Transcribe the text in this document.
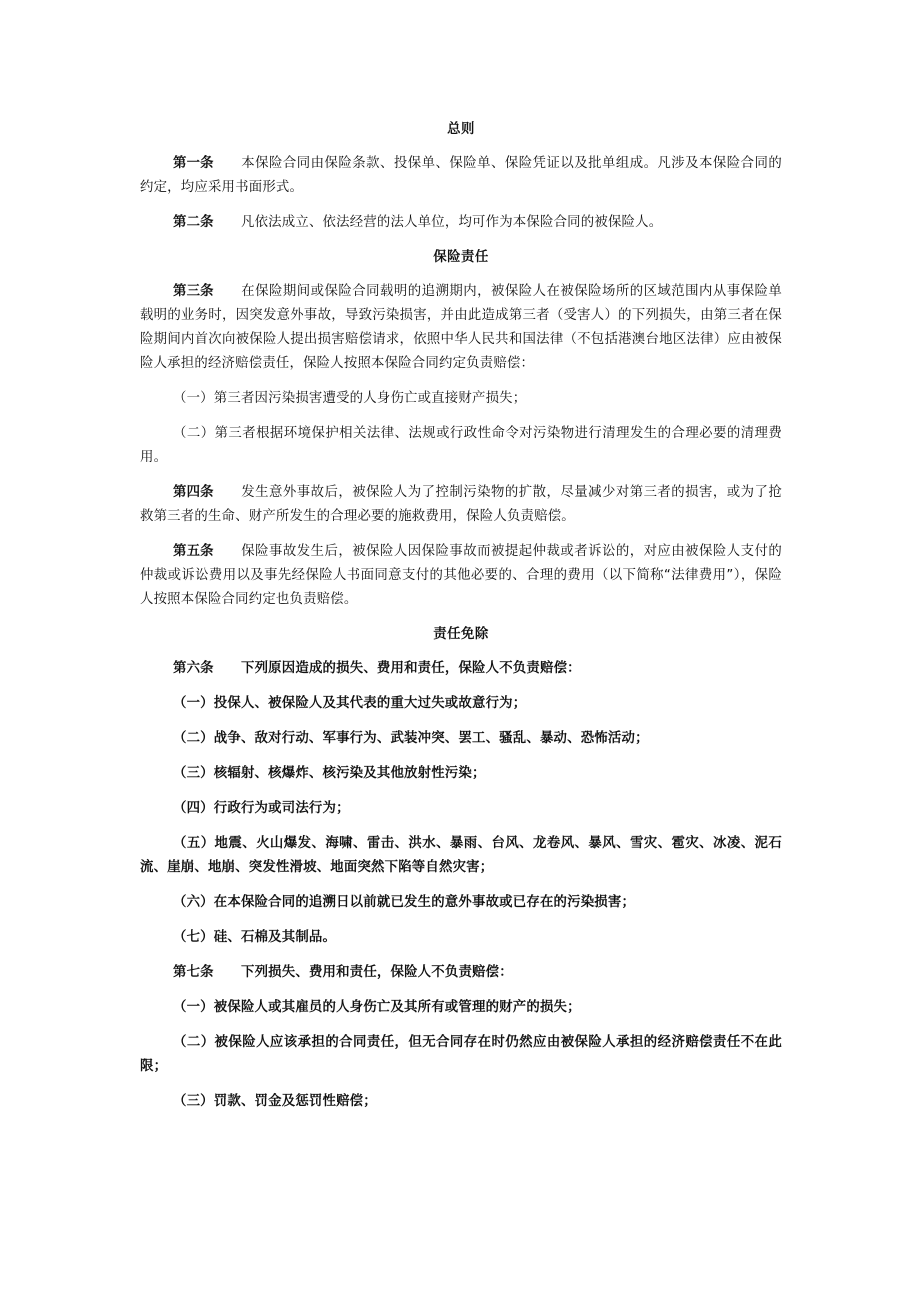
总则

第一条 本保险合同由保险条款、投保单、保险单、保险凭证以及批单组成。凡涉及本保险合同的约定，均应采用书面形式。

第二条 凡依法成立、依法经营的法人单位，均可作为本保险合同的被保险人。

保险责任

第三条 在保险期间或保险合同载明的追溯期内，被保险人在被保险场所的区域范围内从事保险单载明的业务时，因突发意外事故，导致污染损害，并由此造成第三者（受害人）的下列损失，由第三者在保险期间内首次向被保险人提出损害赔偿请求，依照中华人民共和国法律（不包括港澳台地区法律）应由被保险人承担的经济赔偿责任，保险人按照本保险合同约定负责赔偿：

（一）第三者因污染损害遭受的人身伤亡或直接财产损失；

（二）第三者根据环境保护相关法律、法规或行政性命令对污染物进行清理发生的合理必要的清理费用。

第四条 发生意外事故后，被保险人为了控制污染物的扩散，尽量减少对第三者的损害，或为了抢救第三者的生命、财产所发生的合理必要的施救费用，保险人负责赔偿。

第五条 保险事故发生后，被保险人因保险事故而被提起仲裁或者诉讼的，对应由被保险人支付的仲裁或诉讼费用以及事先经保险人书面同意支付的其他必要的、合理的费用（以下简称“法律费用”），保险人按照本保险合同约定也负责赔偿。

责任免除

第六条 下列原因造成的损失、费用和责任，保险人不负责赔偿：

（一）投保人、被保险人及其代表的重大过失或故意行为；

（二）战争、敌对行动、军事行为、武装冲突、罢工、骚乱、暴动、恐怖活动；

（三）核辐射、核爆炸、核污染及其他放射性污染；

（四）行政行为或司法行为；

（五）地震、火山爆发、海啸、雷击、洪水、暴雨、台风、龙卷风、暴风、雪灾、雹灾、冰凌、泥石流、崖崩、地崩、突发性滑坡、地面突然下陷等自然灾害；

（六）在本保险合同的追溯日以前就已发生的意外事故或已存在的污染损害；

（七）硅、石棉及其制品。

第七条 下列损失、费用和责任，保险人不负责赔偿：

（一）被保险人或其雇员的人身伤亡及其所有或管理的财产的损失；

（二）被保险人应该承担的合同责任，但无合同存在时仍然应由被保险人承担的经济赔偿责任不在此限；

（三）罚款、罚金及惩罚性赔偿；
